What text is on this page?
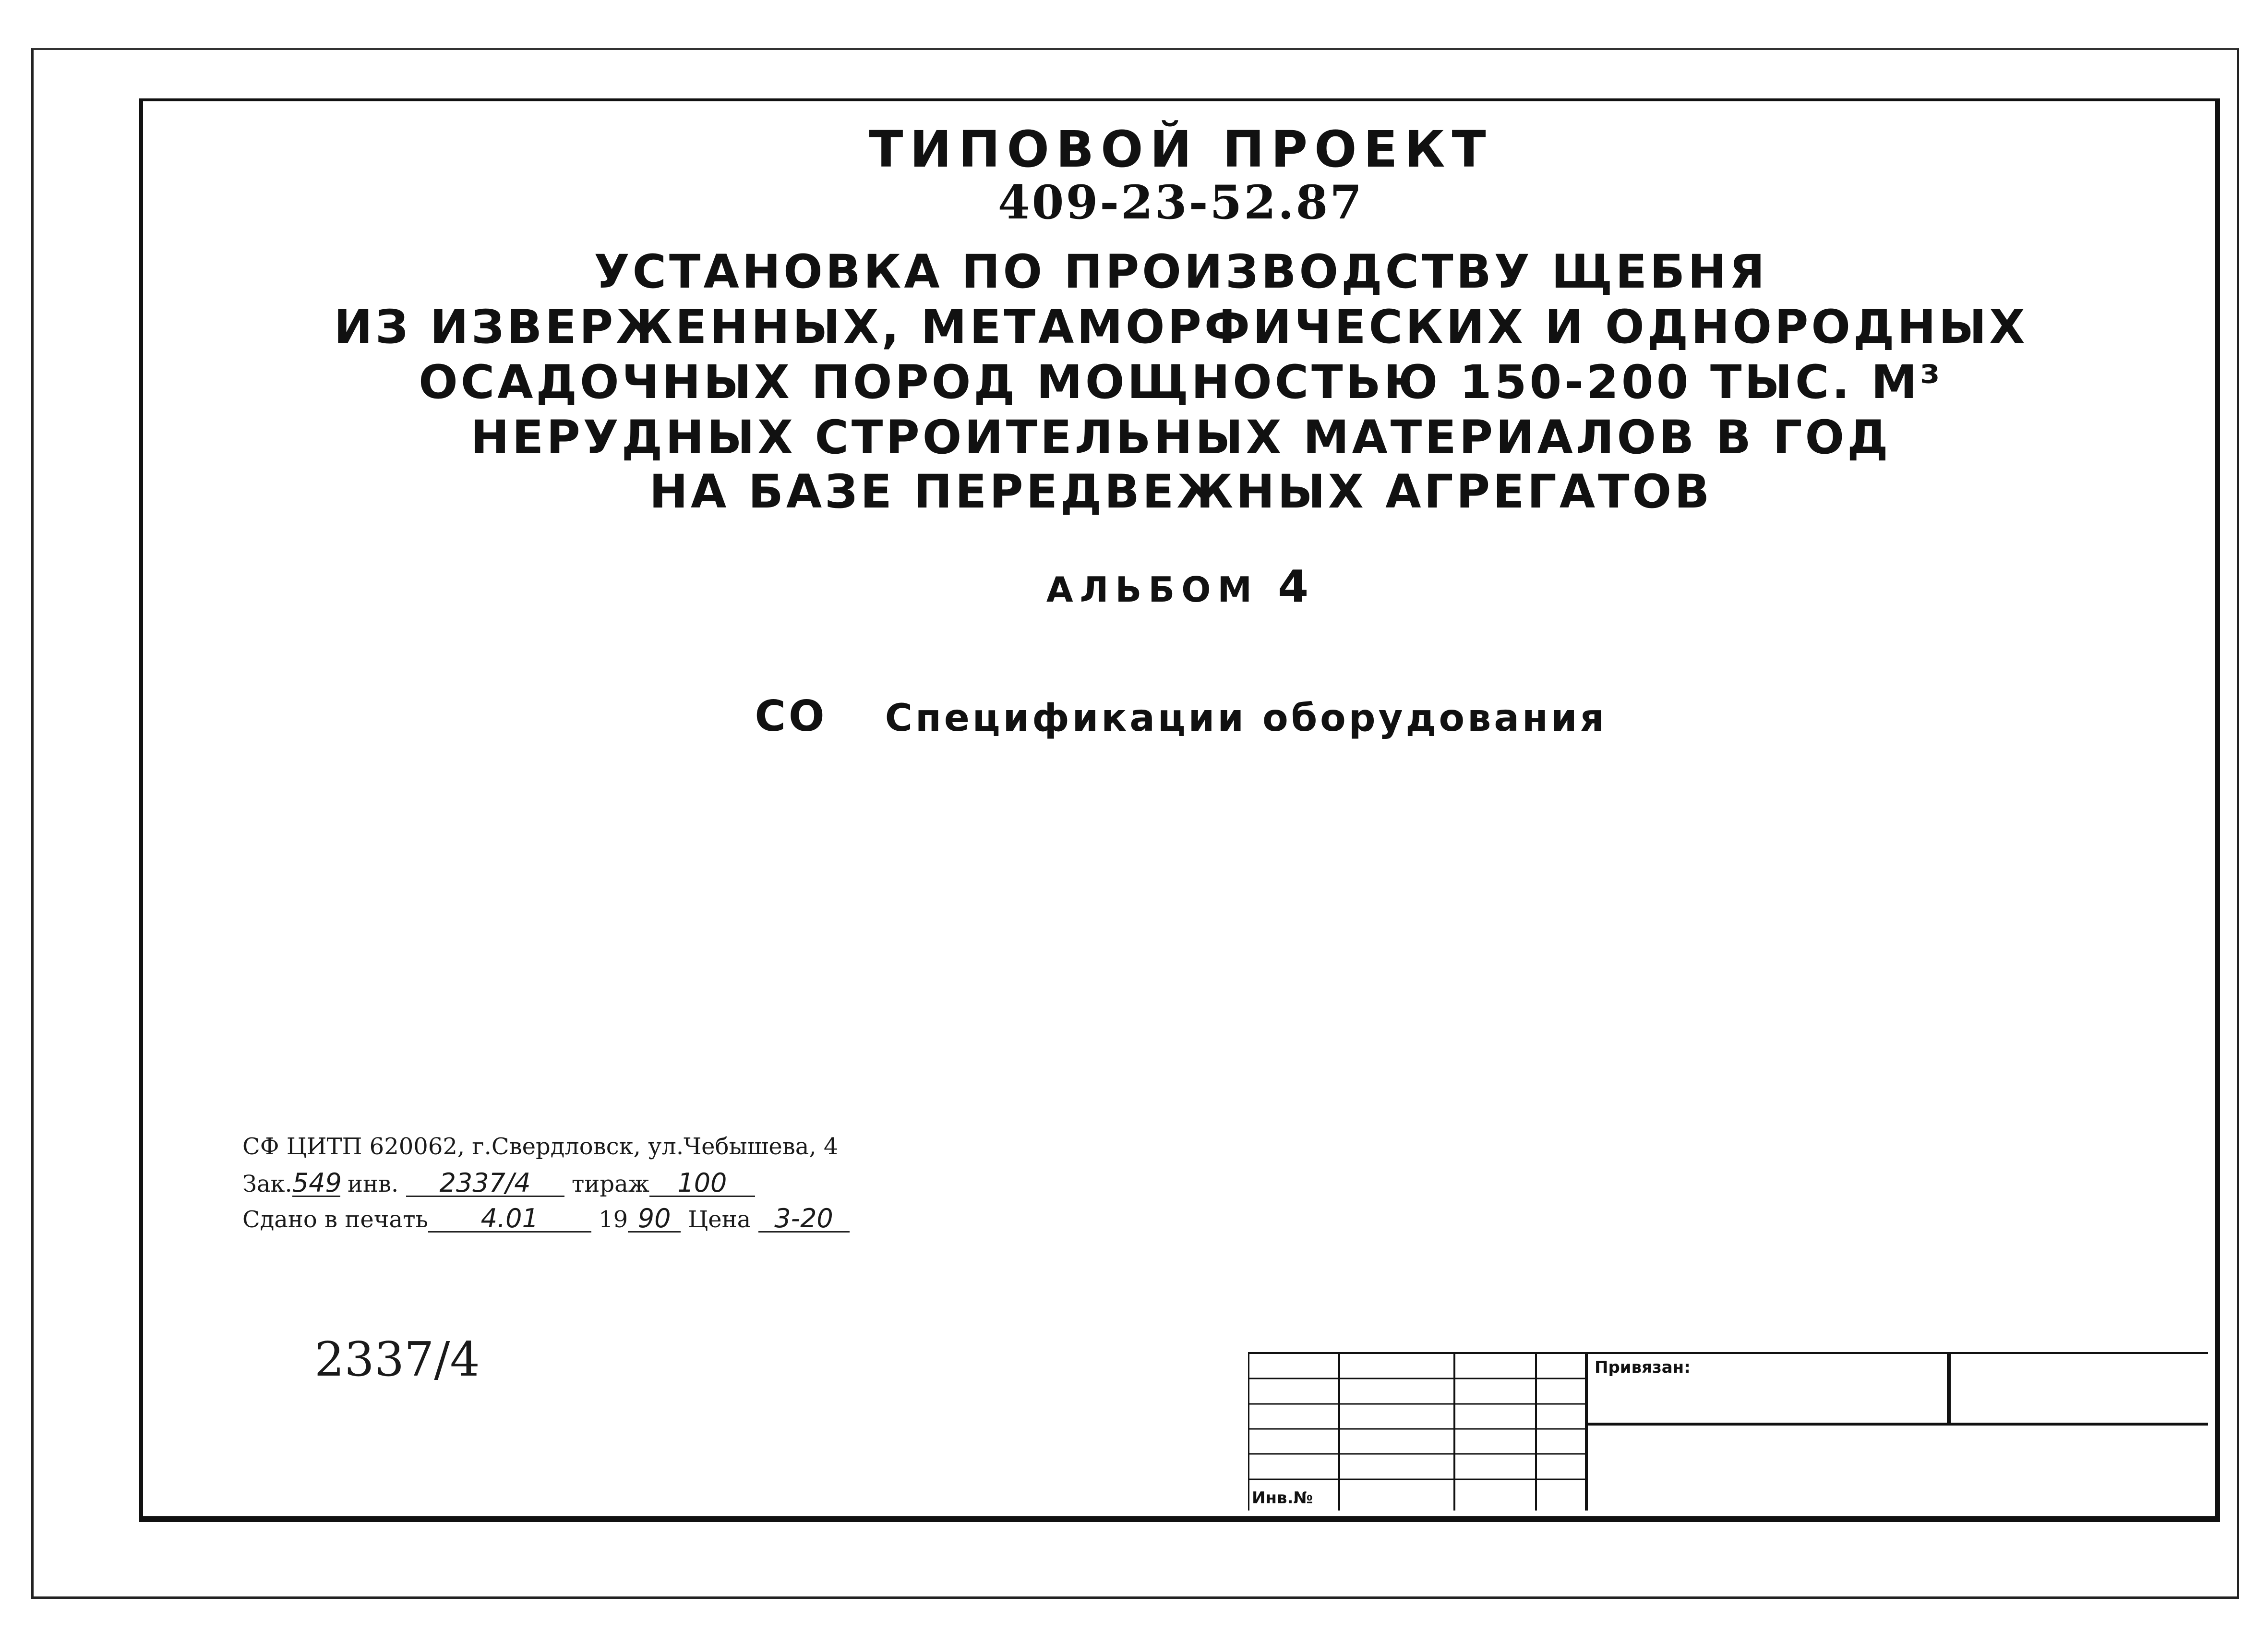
ТИПОВОЙ ПРОЕКТ
409-23-52.87
УСТАНОВКА ПО ПРОИЗВОДСТВУ ЩЕБНЯ
ИЗ ИЗВЕРЖЕННЫХ, МЕТАМОРФИЧЕСКИХ И ОДНОРОДНЫХ
ОСАДОЧНЫХ ПОРОД МОЩНОСТЬЮ 150-200 ТЫС. М³
НЕРУДНЫХ СТРОИТЕЛЬНЫХ МАТЕРИАЛОВ В ГОД
НА БАЗЕ ПЕРЕДВЕЖНЫХ АГРЕГАТОВ
АЛЬБОМ 4
СО Спецификации оборудования
СФ ЦИТП 620062, г.Свердловск, ул.Чебышева, 4
Зак.549 инв. 2337/4 тираж 100
Сдано в печать 4.01	19 90 Цена 3-20
2337/4	Привязан:
Инв.№
